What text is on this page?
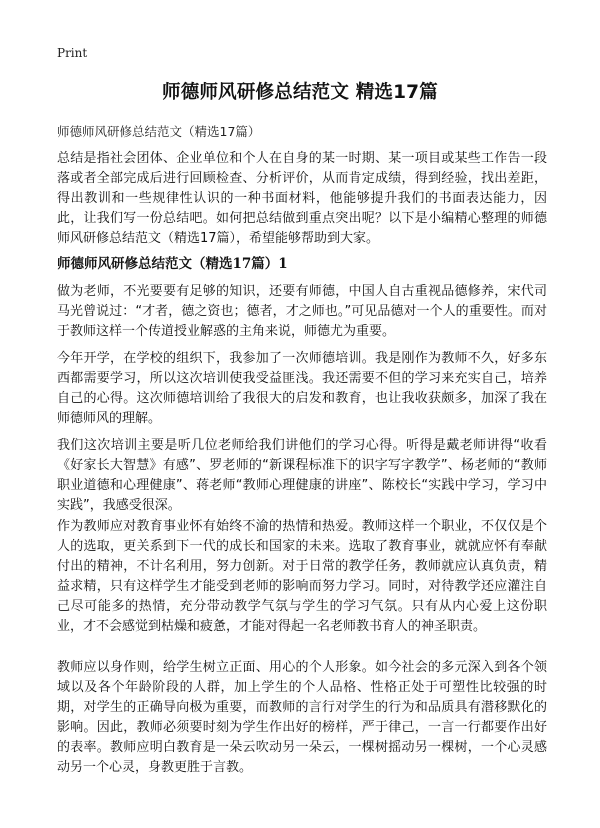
Print
师德师风研修总结范文 精选17篇
师德师风研修总结范文（精选17篇）

总结是指社会团体、企业单位和个人在自身的某一时期、某一项目或某些工作告一段落或者全部完成后进行回顾检查、分析评价，从而肯定成绩，得到经验，找出差距，得出教训和一些规律性认识的一种书面材料，他能够提升我们的书面表达能力，因此，让我们写一份总结吧。如何把总结做到重点突出呢？以下是小编精心整理的师德师风研修总结范文（精选17篇），希望能够帮助到大家。

师德师风研修总结范文（精选17篇）1

做为老师，不光要要有足够的知识，还要有师德，中国人自古重视品德修养，宋代司马光曾说过：“才者，德之资也；德者，才之师也。”可见品德对一个人的重要性。而对于教师这样一个传道授业解惑的主角来说，师德尤为重要。

今年开学，在学校的组织下，我参加了一次师德培训。我是刚作为教师不久，好多东西都需要学习，所以这次培训使我受益匪浅。我还需要不但的学习来充实自己，培养自己的心得。这次师德培训给了我很大的启发和教育，也让我收获颇多，加深了我在师德师风的理解。

我们这次培训主要是听几位老师给我们讲他们的学习心得。听得是戴老师讲得“收看《好家长大智慧》有感”、罗老师的“新课程标准下的识字写字教学”、杨老师的“教师职业道德和心理健康”、蒋老师“教师心理健康的讲座”、陈校长“实践中学习，学习中实践”，我感受很深。

作为教师应对教育事业怀有始终不渝的热情和热爱。教师这样一个职业，不仅仅是个人的选取，更关系到下一代的成长和国家的未来。选取了教育事业，就就应怀有奉献付出的精神，不计名利用，努力创新。对于日常的教学任务，教师就应认真负责，精益求精，只有这样学生才能受到老师的影响而努力学习。同时，对待教学还应灌注自己尽可能多的热情，充分带动教学气氛与学生的学习气氛。只有从内心爱上这份职业，才不会感觉到枯燥和疲惫，才能对得起一名老师教书育人的神圣职责。

教师应以身作则，给学生树立正面、用心的个人形象。如今社会的多元深入到各个领域以及各个年龄阶段的人群，加上学生的个人品格、性格正处于可塑性比较强的时期，对学生的正确导向极为重要，而教师的言行对学生的行为和品质具有潜移默化的影响。因此，教师必须要时刻为学生作出好的榜样，严于律己，一言一行都要作出好的表率。教师应明白教育是一朵云吹动另一朵云，一棵树摇动另一棵树，一个心灵感动另一个心灵，身教更胜于言教。
